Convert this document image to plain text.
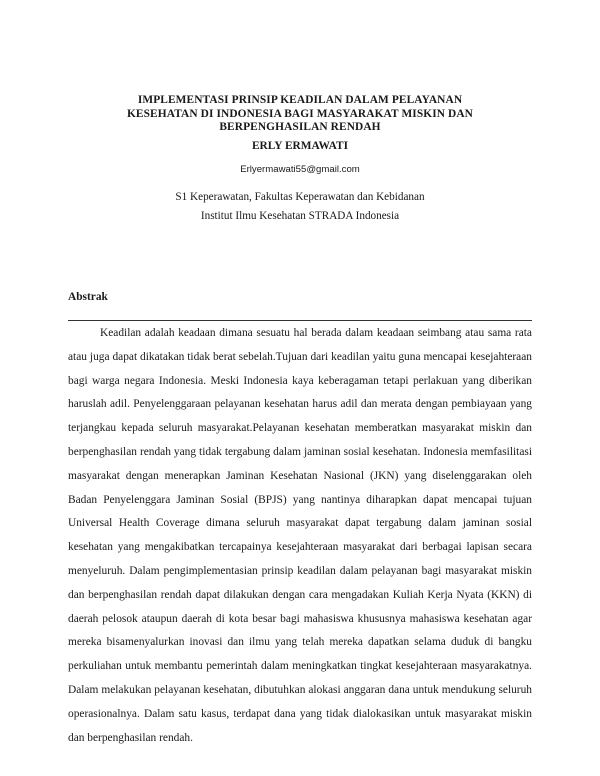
IMPLEMENTASI PRINSIP KEADILAN DALAM PELAYANAN
KESEHATAN DI INDONESIA BAGI MASYARAKAT MISKIN DAN
BERPENGHASILAN RENDAH
ERLY ERMAWATI
Erlyermawati55@gmail.com
S1 Keperawatan, Fakultas Keperawatan dan Kebidanan
Institut Ilmu Kesehatan STRADA Indonesia
Abstrak

Keadilan adalah keadaan dimana sesuatu hal berada dalam keadaan seimbang atau sama rata atau juga dapat dikatakan tidak berat sebelah.Tujuan dari keadilan yaitu guna mencapai kesejahteraan bagi warga negara Indonesia. Meski Indonesia kaya keberagaman tetapi perlakuan yang diberikan haruslah adil. Penyelenggaraan pelayanan kesehatan harus adil dan merata dengan pembiayaan yang terjangkau kepada seluruh masyarakat.Pelayanan kesehatan memberatkan masyarakat miskin dan berpenghasilan rendah yang tidak tergabung dalam jaminan sosial kesehatan. Indonesia memfasilitasi masyarakat dengan menerapkan Jaminan Kesehatan Nasional (JKN) yang diselenggarakan oleh Badan Penyelenggara Jaminan Sosial (BPJS) yang nantinya diharapkan dapat mencapai tujuan Universal Health Coverage dimana seluruh masyarakat dapat tergabung dalam jaminan sosial kesehatan yang mengakibatkan tercapainya kesejahteraan masyarakat dari berbagai lapisan secara menyeluruh. Dalam pengimplementasian prinsip keadilan dalam pelayanan bagi masyarakat miskin dan berpenghasilan rendah dapat dilakukan dengan cara mengadakan Kuliah Kerja Nyata (KKN) di daerah pelosok ataupun daerah di kota besar bagi mahasiswa khususnya mahasiswa kesehatan agar mereka bisamenyalurkan inovasi dan ilmu yang telah mereka dapatkan selama duduk di bangku perkuliahan untuk membantu pemerintah dalam meningkatkan tingkat kesejahteraan masyarakatnya. Dalam melakukan pelayanan kesehatan, dibutuhkan alokasi anggaran dana untuk mendukung seluruh operasionalnya. Dalam satu kasus, terdapat dana yang tidak dialokasikan untuk masyarakat miskin dan berpenghasilan rendah.
